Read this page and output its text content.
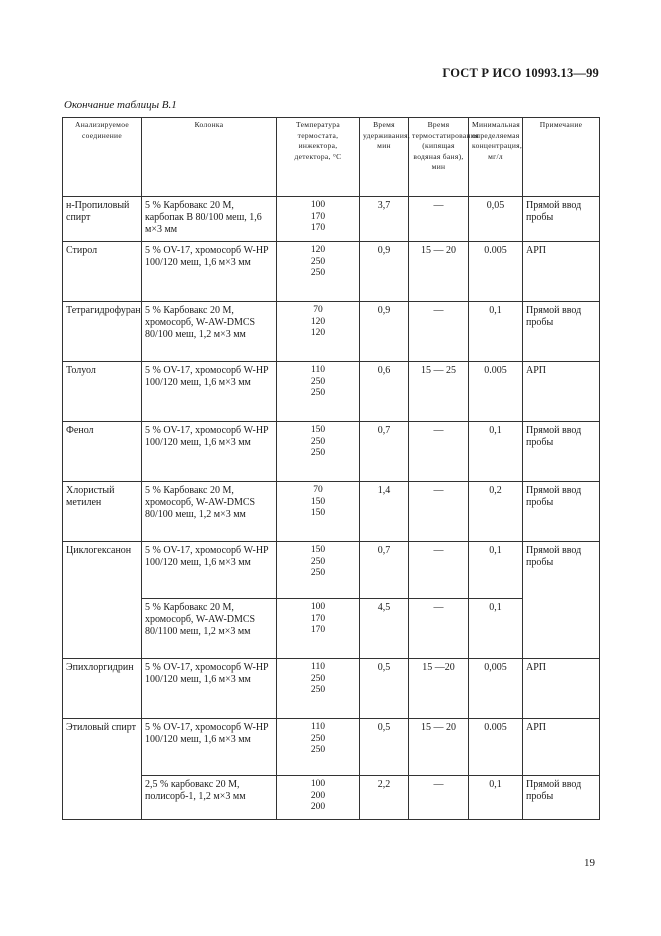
ГОСТ Р ИСО 10993.13—99
Окончание таблицы В.1
Анализируемое соединение	Колонка	Температура термостата, инжектора, детектора, °С	Время удерживания, мин	Время термостатирования (кипящая водяная баня), мин	Минимальная определяемая концентрация, мг/л	Примечание
н-Пропиловый спирт	5 % Карбовакс 20 М, карбопак В 80/100 меш, 1,6 м×3 мм	100
170
170	3,7	—	0,05	Прямой ввод пробы
Стирол	5 % OV-17, хромосорб W-HP 100/120 меш, 1,6 м×3 мм	120
250
250	0,9	15 — 20	0.005	АРП
Тетрагидрофуран	5 % Карбовакс 20 М, хромосорб, W-AW-DMCS 80/100 меш, 1,2 м×3 мм	70
120
120	0,9	—	0,1	Прямой ввод пробы
Толуол	5 % OV-17, хромосорб W-HP 100/120 меш, 1,6 м×3 мм	110
250
250	0,6	15 — 25	0.005	АРП
Фенол	5 % OV-17, хромосорб W-HP 100/120 меш, 1,6 м×3 мм	150
250
250	0,7	—	0,1	Прямой ввод пробы
Хлористый метилен	5 % Карбовакс 20 М, хромосорб, W-AW-DMCS 80/100 меш, 1,2 м×3 мм	70
150
150	1,4	—	0,2	Прямой ввод пробы
Циклогексанон	5 % OV-17, хромосорб W-HP 100/120 меш, 1,6 м×3 мм	150
250
250	0,7	—	0,1	Прямой ввод пробы
	5 % Карбовакс 20 М, хромосорб, W-AW-DMCS 80/1100 меш, 1,2 м×3 мм	100
170
170	4,5	—	0,1	
Эпихлоргидрин	5 % OV-17, хромосорб W-HP 100/120 меш, 1,6 м×3 мм	110
250
250	0,5	15 —20	0,005	АРП
Этиловый спирт	5 % OV-17, хромосорб W-HP 100/120 меш, 1,6 м×3 мм	110
250
250	0,5	15 — 20	0.005	АРП
	2,5 % карбовакс 20 М, полисорб-1, 1,2 м×3 мм	100
200
200	2,2	—	0,1	Прямой ввод пробы
19
